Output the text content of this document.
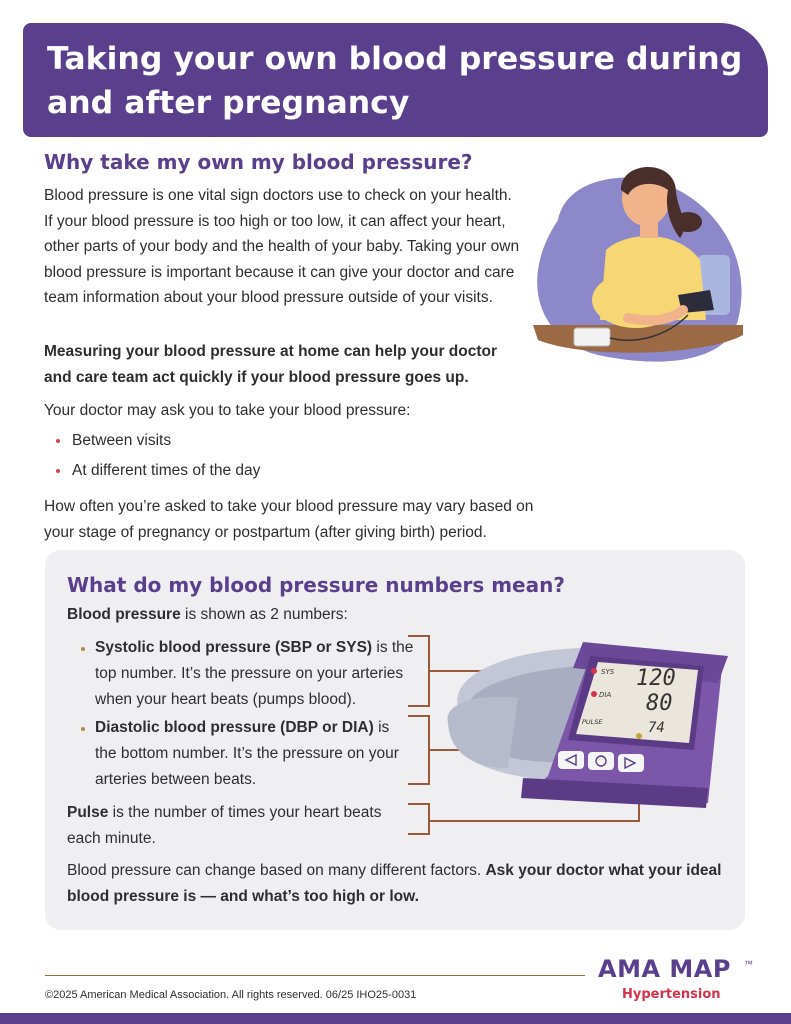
Taking your own blood pressure during and after pregnancy
Why take my own my blood pressure?

Blood pressure is one vital sign doctors use to check on your health. If your blood pressure is too high or too low, it can affect your heart, other parts of your body and the health of your baby. Taking your own blood pressure is important because it can give your doctor and care team information about your blood pressure outside of your visits.

Measuring your blood pressure at home can help your doctor and care team act quickly if your blood pressure goes up.

Your doctor may ask you to take your blood pressure:

Between visits
At different times of the day

How often you’re asked to take your blood pressure may vary based on your stage of pregnancy or postpartum (after giving birth) period.

What do my blood pressure numbers mean?
Blood pressure is shown as 2 numbers:
Systolic blood pressure (SBP or SYS) is the top number. It’s the pressure on your arteries when your heart beats (pumps blood).
Diastolic blood pressure (DBP or DIA) is the bottom number. It’s the pressure on your arteries between beats.
Pulse is the number of times your heart beats each minute.
Blood pressure can change based on many different factors. Ask your doctor what your ideal blood pressure is — and what’s too high or low.
SYS 120
DIA 80
PULSE	74
©2025 American Medical Association. All rights reserved. 06/25 IHO25-0031
AMA MAP ™
Hypertension
